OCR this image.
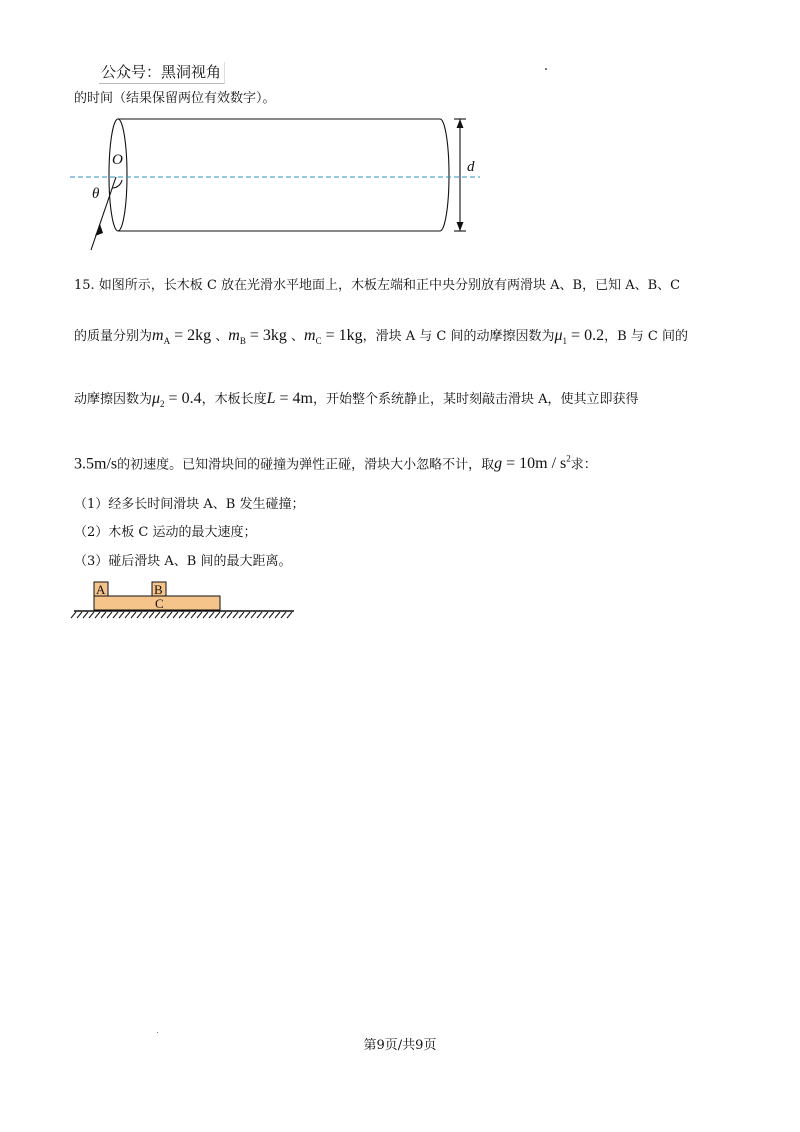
公众号：黑洞视角
的时间（结果保留两位有效数字）。
O
θ
d
15. 如图所示，长木板 C 放在光滑水平地面上，木板左端和正中央分别放有两滑块 A、B，已知 A、B、C
的质量分别为$m_A = 2kg$ 、$m_B = 3kg$ 、$m_C = 1kg$，滑块 A 与 C 间的动摩擦因数为$\mu_1 = 0.2$，B 与 C 间的
动摩擦因数为$\mu_2 = 0.4$，木板长度L = 4m，开始整个系统静止，某时刻敲击滑块 A，使其立即获得
3.5m/s的初速度。已知滑块间的碰撞为弹性正碰，滑块大小忽略不计，取$g = 10m / s^2$求：
（1）经多长时间滑块 A、B 发生碰撞；
（2）木板 C 运动的最大速度；
（3）碰后滑块 A、B 间的最大距离。
A	B
C
第9页/共9页
